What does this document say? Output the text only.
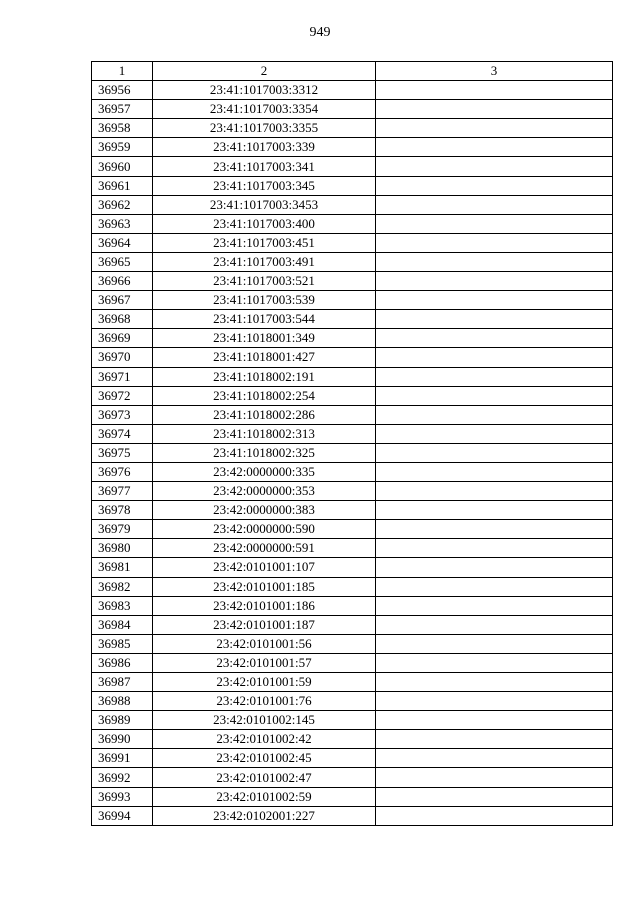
949
1	2	3
36956	23:41:1017003:3312	
36957	23:41:1017003:3354	
36958	23:41:1017003:3355	
36959	23:41:1017003:339	
36960	23:41:1017003:341	
36961	23:41:1017003:345	
36962	23:41:1017003:3453	
36963	23:41:1017003:400	
36964	23:41:1017003:451	
36965	23:41:1017003:491	
36966	23:41:1017003:521	
36967	23:41:1017003:539	
36968	23:41:1017003:544	
36969	23:41:1018001:349	
36970	23:41:1018001:427	
36971	23:41:1018002:191	
36972	23:41:1018002:254	
36973	23:41:1018002:286	
36974	23:41:1018002:313	
36975	23:41:1018002:325	
36976	23:42:0000000:335	
36977	23:42:0000000:353	
36978	23:42:0000000:383	
36979	23:42:0000000:590	
36980	23:42:0000000:591	
36981	23:42:0101001:107	
36982	23:42:0101001:185	
36983	23:42:0101001:186	
36984	23:42:0101001:187	
36985	23:42:0101001:56	
36986	23:42:0101001:57	
36987	23:42:0101001:59	
36988	23:42:0101001:76	
36989	23:42:0101002:145	
36990	23:42:0101002:42	
36991	23:42:0101002:45	
36992	23:42:0101002:47	
36993	23:42:0101002:59	
36994	23:42:0102001:227	
